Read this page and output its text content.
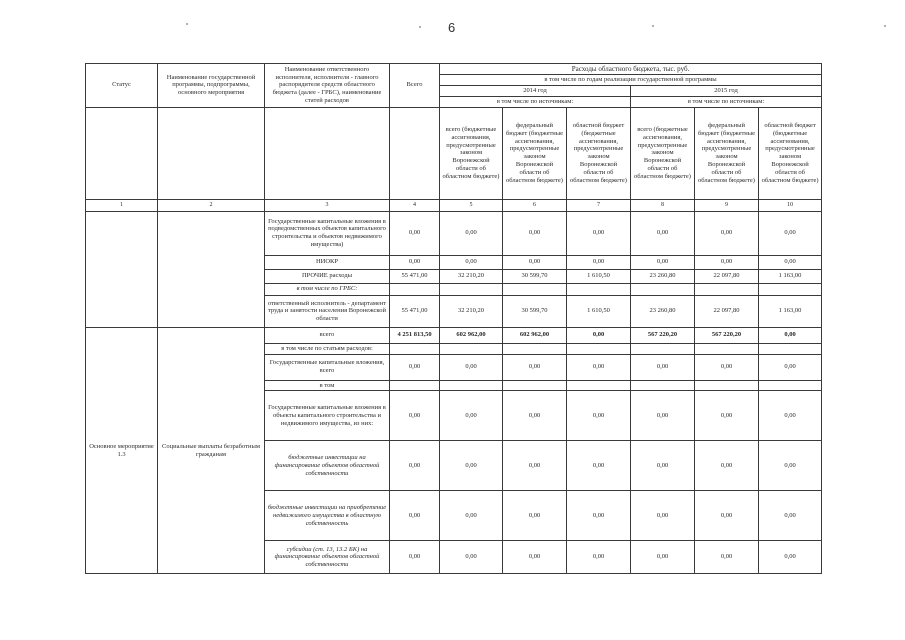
6
Статус	Наименование государственной программы, подпрограммы, основного мероприятия	Наименование ответственного исполнителя, исполнителя - главного распорядителя средств областного бюджета (далее - ГРБС), наименование статей расходов	Всего	Расходы областного бюджета, тыс. руб.					
				в том числе по годам реализации государственной программы					
				2014 год			2015 год		
				в том числе по источникам:			в том числе по источникам:		
				всего (бюджетные ассигнования, предусмотренные законом Воронежской области об областном бюджете)	федеральный бюджет (бюджетные ассигнования, предусмотренные законом Воронежской области об областном бюджете)	областной бюджет (бюджетные ассигнования, предусмотренные законом Воронежской области об областном бюджете)	всего (бюджетные ассигнования, предусмотренные законом Воронежской области об областном бюджете)	федеральный бюджет (бюджетные ассигнования, предусмотренные законом Воронежской области об областном бюджете)	областной бюджет (бюджетные ассигнования, предусмотренные законом Воронежской области об областном бюджете)
1	2	3	4	5	6	7	8	9	10
		Государственные капитальные вложения в подведомственных объектов капитального строительства и объектов недвижимого имущества)	0,00	0,00	0,00	0,00	0,00	0,00	0,00
		НИОКР	0,00	0,00	0,00	0,00	0,00	0,00	0,00
		ПРОЧИЕ расходы	55 471,00	32 210,20	30 599,70	1 610,50	23 260,80	22 097,80	1 163,00
		в том числе по ГРБС:							
		ответственный исполнитель - департамент труда и занятости населения Воронежской области	55 471,00	32 210,20	30 599,70	1 610,50	23 260,80	22 097,80	1 163,00
Основное мероприятие 1.3	Социальные выплаты безработным гражданам	всего	4 251 813,50	602 962,00	602 962,00	0,00	567 220,20	567 220,20	0,00
		в том числе по статьям расходов:							
		Государственные капитальные вложения, всего	0,00	0,00	0,00	0,00	0,00	0,00	0,00
		в том							
		Государственные капитальные вложения в объекты капитального строительства и недвижимого имущества, из них:	0,00	0,00	0,00	0,00	0,00	0,00	0,00
		бюджетные инвестиции на финансирование объектов областной собственности	0,00	0,00	0,00	0,00	0,00	0,00	0,00
		бюджетные инвестиции на приобретение недвижимого имущества в областную собственность	0,00	0,00	0,00	0,00	0,00	0,00	0,00
		субсидии (ст. 13, 13.2 БК) на финансирование объектов областной собственности	0,00	0,00	0,00	0,00	0,00	0,00	0,00
